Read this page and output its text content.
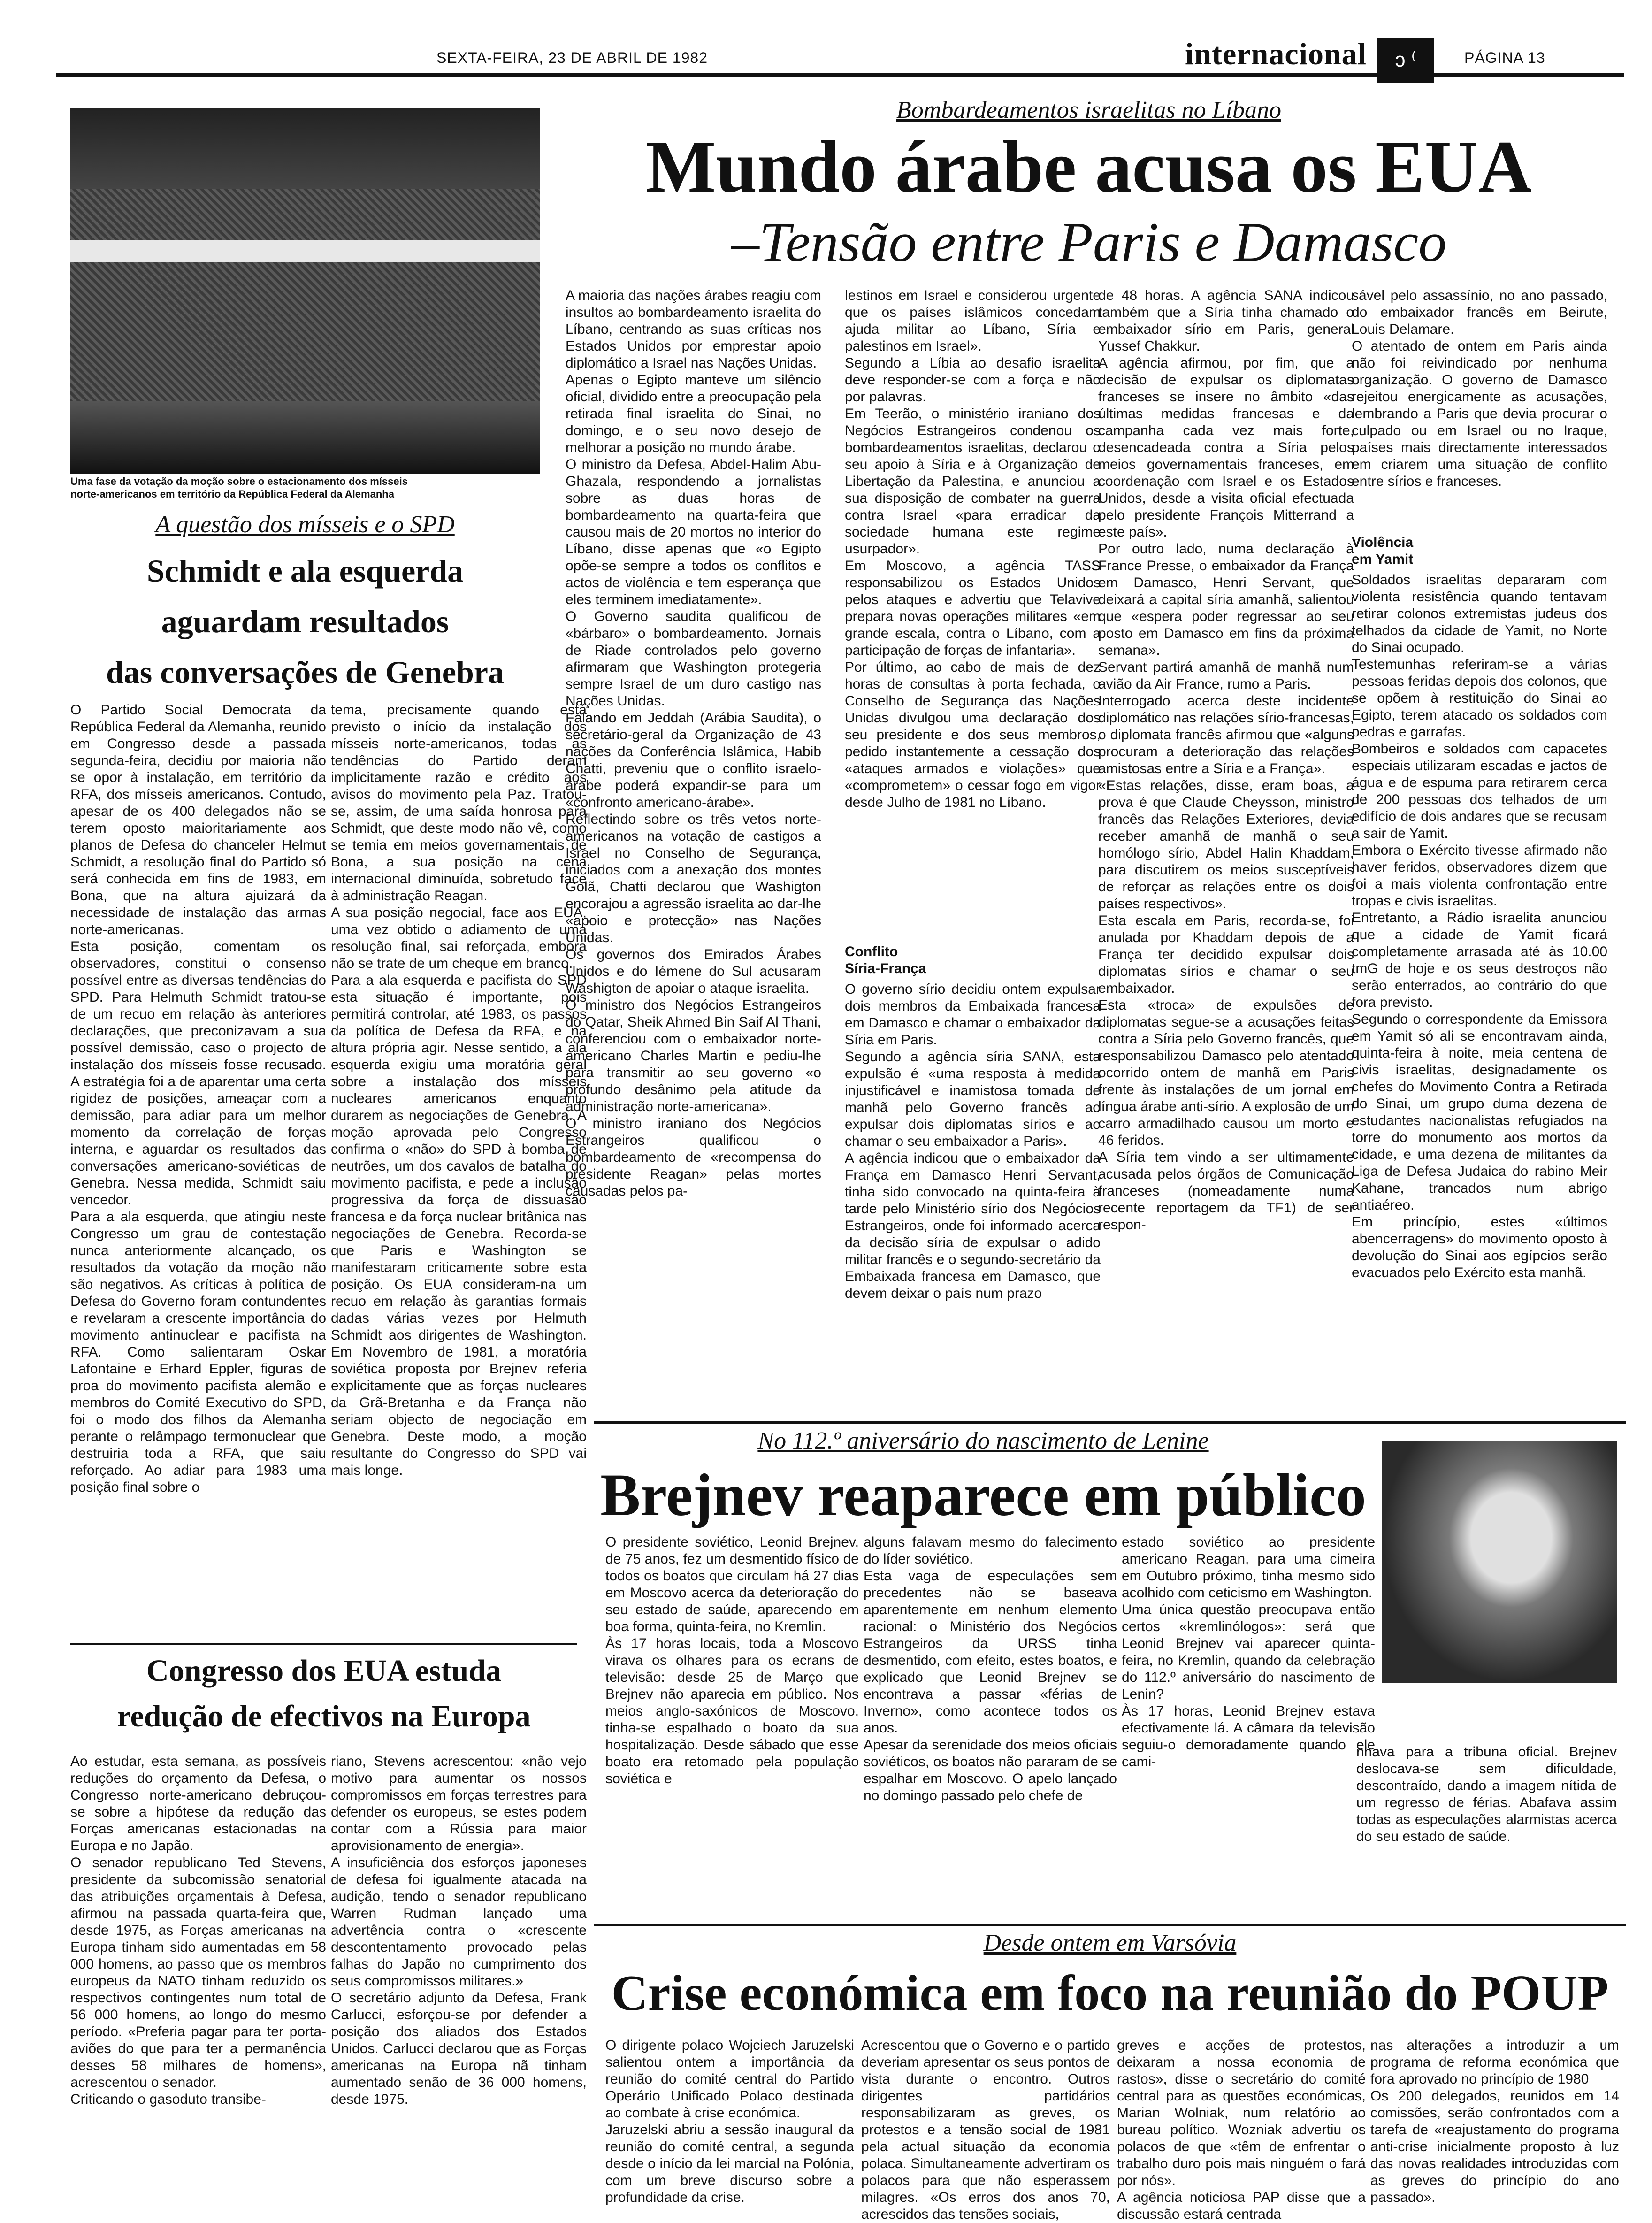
SEXTA-FEIRA, 23 DE ABRIL DE 1982	internacional	ɔ ⁽	PÁGINA 13
Uma fase da votação da moção sobre o estacionamento dos mísseis
norte-americanos em território da República Federal da Alemanha
Bombardeamentos israelitas no Líbano
Mundo árabe acusa os EUA
–Tensão entre Paris e Damasco
A maioria das nações árabes reagiu com insultos ao bombardeamento israelita do Líbano, centrando as suas críticas nos Estados Unidos por emprestar apoio diplomático a Israel nas Nações Unidas.
Apenas o Egipto manteve um silêncio oficial, dividido entre a preocupação pela retirada final israelita do Sinai, no domingo, e o seu novo desejo de melhorar a posição no mundo árabe.
O ministro da Defesa, Abdel-Halim Abu-Ghazala, respondendo a jornalistas sobre as duas horas de bombardeamento na quarta-feira que causou mais de 20 mortos no interior do Líbano, disse apenas que «o Egipto opõe-se sempre a todos os conflitos e actos de violência e tem esperança que eles terminem imediatamente».
O Governo saudita qualificou de «bárbaro» o bombardeamento. Jornais de Riade controlados pelo governo afirmaram que Washington protegeria sempre Israel de um duro castigo nas Nações Unidas.
Falando em Jeddah (Arábia Saudita), o secretário-geral da Organização de 43 nações da Conferência Islâmica, Habib Chatti, preveniu que o conflito israelo-árabe poderá expandir-se para um «confronto americano-árabe».
Reflectindo sobre os três vetos norte-americanos na votação de castigos a Israel no Conselho de Segurança, iniciados com a anexação dos montes Golã, Chatti declarou que Washigton encorajou a agressão israelita ao dar-lhe «apoio e protecção» nas Nações Unidas.
Os governos dos Emirados Árabes Unidos e do Iémene do Sul acusaram Washigton de apoiar o ataque israelita.
O ministro dos Negócios Estrangeiros do Qatar, Sheik Ahmed Bin Saif Al Thani, conferenciou com o embaixador norte-americano Charles Martin e pediu-lhe para transmitir ao seu governo «o profundo desânimo pela atitude da administração norte-americana».
O ministro iraniano dos Negócios Estrangeiros qualificou o bombardeamento de «recompensa do presidente Reagan» pelas mortes causadas pelos pa-
lestinos em Israel e considerou urgente que os países islâmicos concedam ajuda militar ao Líbano, Síria e palestinos em Israel».
Segundo a Líbia ao desafio israelita deve responder-se com a força e não por palavras.
Em Teerão, o ministério iraniano dos Negócios Estrangeiros condenou os bombardeamentos israelitas, declarou o seu apoio à Síria e à Organização de Libertação da Palestina, e anunciou a sua disposição de combater na guerra contra Israel «para erradicar da sociedade humana este regime usurpador».
Em Moscovo, a agência TASS responsabilizou os Estados Unidos pelos ataques e advertiu que Telavive prepara novas operações militares «em grande escala, contra o Líbano, com a participação de forças de infantaria».
Por último, ao cabo de mais de dez horas de consultas à porta fechada, o Conselho de Segurança das Nações Unidas divulgou uma declaração dos seu presidente e dos seus membros, pedido instantemente a cessação dos «ataques armados e violações» que «comprometem» o cessar fogo em vigor desde Julho de 1981 no Líbano.
Conflito
Síria-França
O governo sírio decidiu ontem expulsar dois membros da Embaixada francesa em Damasco e chamar o embaixador da Síria em Paris.
Segundo a agência síria SANA, esta expulsão é «uma resposta à medida injustificável e inamistosa tomada de manhã pelo Governo francês ao expulsar dois diplomatas sírios e ao chamar o seu embaixador a Paris».
A agência indicou que o embaixador da França em Damasco Henri Servant, tinha sido convocado na quinta-feira à tarde pelo Ministério sírio dos Negócios Estrangeiros, onde foi informado acerca da decisão síria de expulsar o adido militar francês e o segundo-secretário da Embaixada francesa em Damasco, que devem deixar o país num prazo
de 48 horas. A agência SANA indicou também que a Síria tinha chamado o embaixador sírio em Paris, general Yussef Chakkur.
A agência afirmou, por fim, que a decisão de expulsar os diplomatas franceses se insere no âmbito «das últimas medidas francesas e da campanha cada vez mais forte, desencadeada contra a Síria pelos meios governamentais franceses, em coordenação com Israel e os Estados Unidos, desde a visita oficial efectuada pelo presidente François Mitterrand a este país».
Por outro lado, numa declaração à France Presse, o embaixador da França em Damasco, Henri Servant, que deixará a capital síria amanhã, salientou que «espera poder regressar ao seu posto em Damasco em fins da próxima semana».
Servant partirá amanhã de manhã num avião da Air France, rumo a Paris.
Interrogado acerca deste incidente diplomático nas relações sírio-francesas, o diplomata francês afirmou que «alguns procuram a deterioração das relações amistosas entre a Síria e a França».
«Estas relações, disse, eram boas, a prova é que Claude Cheysson, ministro francês das Relações Exteriores, devia receber amanhã de manhã o seu homólogo sírio, Abdel Halin Khaddam, para discutirem os meios susceptíveis de reforçar as relações entre os dois países respectivos».
Esta escala em Paris, recorda-se, foi anulada por Khaddam depois de a França ter decidido expulsar dois diplomatas sírios e chamar o seu embaixador.
Esta «troca» de expulsões de diplomatas segue-se a acusações feitas contra a Síria pelo Governo francês, que responsabilizou Damasco pelo atentado ocorrido ontem de manhã em Paris frente às instalações de um jornal em língua árabe anti-sírio. A explosão de um carro armadilhado causou um morto e 46 feridos.
A Síria tem vindo a ser ultimamente acusada pelos órgãos de Comunicação franceses (nomeadamente numa recente reportagem da TF1) de ser respon-
sável pelo assassínio, no ano passado, do embaixador francês em Beirute, Louis Delamare.
O atentado de ontem em Paris ainda não foi reivindicado por nenhuma organização. O governo de Damasco rejeitou energicamente as acusações, lembrando a Paris que devia procurar o culpado ou em Israel ou no Iraque, países mais directamente interessados em criarem uma situação de conflito entre sírios e franceses.
Violência
em Yamit
Soldados israelitas depararam com violenta resistência quando tentavam retirar colonos extremistas judeus dos telhados da cidade de Yamit, no Norte do Sinai ocupado.
Testemunhas referiram-se a várias pessoas feridas depois dos colonos, que se opõem à restituição do Sinai ao Egipto, terem atacado os soldados com pedras e garrafas.
Bombeiros e soldados com capacetes especiais utilizaram escadas e jactos de água e de espuma para retirarem cerca de 200 pessoas dos telhados de um edifício de dois andares que se recusam a sair de Yamit.
Embora o Exército tivesse afirmado não haver feridos, observadores dizem que foi a mais violenta confrontação entre tropas e civis israelitas.
Entretanto, a Rádio israelita anunciou que a cidade de Yamit ficará completamente arrasada até às 10.00 tmG de hoje e os seus destroços não serão enterrados, ao contrário do que fora previsto.
Segundo o correspondente da Emissora em Yamit só ali se encontravam ainda, quinta-feira à noite, meia centena de civis israelitas, designadamente os chefes do Movimento Contra a Retirada do Sinai, um grupo duma dezena de estudantes nacionalistas refugiados na torre do monumento aos mortos da cidade, e uma dezena de militantes da Liga de Defesa Judaica do rabino Meir Kahane, trancados num abrigo antiaéreo.
Em princípio, estes «últimos abencerragens» do movimento oposto à devolução do Sinai aos egípcios serão evacuados pelo Exército esta manhã.
A questão dos mísseis e o SPD
Schmidt e ala esquerda
aguardam resultados
das conversações de Genebra
O Partido Social Democrata da República Federal da Alemanha, reunido em Congresso desde a passada segunda-feira, decidiu por maioria não se opor à instalação, em território da RFA, dos mísseis americanos. Contudo, apesar de os 400 delegados não se terem oposto maioritariamente aos planos de Defesa do chanceler Helmut Schmidt, a resolução final do Partido só será conhecida em fins de 1983, em Bona, que na altura ajuizará da necessidade de instalação das armas norte-americanas.
Esta posição, comentam os observadores, constitui o consenso possível entre as diversas tendências do SPD. Para Helmuth Schmidt tratou-se de um recuo em relação às anteriores declarações, que preconizavam a sua possível demissão, caso o projecto de instalação dos mísseis fosse recusado. A estratégia foi a de aparentar uma certa rigidez de posições, ameaçar com a demissão, para adiar para um melhor momento da correlação de forças interna, e aguardar os resultados das conversações americano-soviéticas de Genebra. Nessa medida, Schmidt saiu vencedor.
Para a ala esquerda, que atingiu neste Congresso um grau de contestação nunca anteriormente alcançado, os resultados da votação da moção não são negativos. As críticas à política de Defesa do Governo foram contundentes e revelaram a crescente importância do movimento antinuclear e pacifista na RFA. Como salientaram Oskar Lafontaine e Erhard Eppler, figuras de proa do movimento pacifista alemão e membros do Comité Executivo do SPD, foi o modo dos filhos da Alemanha perante o relâmpago termonuclear que destruiria toda a RFA, que saiu reforçado. Ao adiar para 1983 uma posição final sobre o
tema, precisamente quando está previsto o início da instalação dos mísseis norte-americanos, todas as tendências do Partido deram implicitamente razão e crédito aos avisos do movimento pela Paz. Tratou-se, assim, de uma saída honrosa para Schmidt, que deste modo não vê, como se temia em meios governamentais de Bona, a sua posição na cena internacional diminuída, sobretudo face à administração Reagan.
A sua posição negocial, face aos EUA, uma vez obtido o adiamento de uma resolução final, sai reforçada, embora não se trate de um cheque em branco.
Para a ala esquerda e pacifista do SPD esta situação é importante, pois permitirá controlar, até 1983, os passos da política de Defesa da RFA, e na altura própria agir. Nesse sentido, a ala esquerda exigiu uma moratória geral sobre a instalação dos mísseis nucleares americanos enquanto durarem as negociações de Genebra. A moção aprovada pelo Congresso confirma o «não» do SPD à bomba de neutrões, um dos cavalos de batalha do movimento pacifista, e pede a inclusão progressiva da força de dissuasão francesa e da força nuclear britânica nas negociações de Genebra. Recorda-se que Paris e Washington se manifestaram criticamente sobre esta posição. Os EUA consideram-na um recuo em relação às garantias formais dadas várias vezes por Helmuth Schmidt aos dirigentes de Washington. Em Novembro de 1981, a moratória soviética proposta por Brejnev referia explicitamente que as forças nucleares da Grã-Bretanha e da França não seriam objecto de negociação em Genebra. Deste modo, a moção resultante do Congresso do SPD vai mais longe.
Congresso dos EUA estuda
redução de efectivos na Europa
Ao estudar, esta semana, as possíveis reduções do orçamento da Defesa, o Congresso norte-americano debruçou-se sobre a hipótese da redução das Forças americanas estacionadas na Europa e no Japão.
O senador republicano Ted Stevens, presidente da subcomissão senatorial das atribuições orçamentais à Defesa, afirmou na passada quarta-feira que, desde 1975, as Forças americanas na Europa tinham sido aumentadas em 58 000 homens, ao passo que os membros europeus da NATO tinham reduzido os respectivos contingentes num total de 56 000 homens, ao longo do mesmo período. «Preferia pagar para ter porta-aviões do que para ter a permanência desses 58 milhares de homens», acrescentou o senador.
Criticando o gasoduto transibe-
riano, Stevens acrescentou: «não vejo motivo para aumentar os nossos compromissos em forças terrestres para defender os europeus, se estes podem contar com a Rússia para maior aprovisionamento de energia».
A insuficiência dos esforços japoneses de defesa foi igualmente atacada na audição, tendo o senador republicano Warren Rudman lançado uma advertência contra o «crescente descontentamento provocado pelas falhas do Japão no cumprimento dos seus compromissos militares.»
O secretário adjunto da Defesa, Frank Carlucci, esforçou-se por defender a posição dos aliados dos Estados Unidos. Carlucci declarou que as Forças americanas na Europa nã tinham aumentado senão de 36 000 homens, desde 1975.
No 112.º aniversário do nascimento de Lenine
Brejnev reaparece em público
O presidente soviético, Leonid Brejnev, de 75 anos, fez um desmentido físico de todos os boatos que circulam há 27 dias em Moscovo acerca da deterioração do seu estado de saúde, aparecendo em boa forma, quinta-feira, no Kremlin.
Às 17 horas locais, toda a Moscovo virava os olhares para os ecrans de televisão: desde 25 de Março que Brejnev não aparecia em público. Nos meios anglo-saxónicos de Moscovo, tinha-se espalhado o boato da sua hospitalização. Desde sábado que esse boato era retomado pela população soviética e
alguns falavam mesmo do falecimento do líder soviético.
Esta vaga de especulações sem precedentes não se baseava aparentemente em nenhum elemento racional: o Ministério dos Negócios Estrangeiros da URSS tinha desmentido, com efeito, estes boatos, e explicado que Leonid Brejnev se encontrava a passar «férias de Inverno», como acontece todos os anos.
Apesar da serenidade dos meios oficiais soviéticos, os boatos não pararam de se espalhar em Moscovo. O apelo lançado no domingo passado pelo chefe de
estado soviético ao presidente americano Reagan, para uma cimeira em Outubro próximo, tinha mesmo sido acolhido com ceticismo em Washington.
Uma única questão preocupava então certos «kremlinólogos»: será que Leonid Brejnev vai aparecer quinta-feira, no Kremlin, quando da celebração do 112.º aniversário do nascimento de Lenin?
Às 17 horas, Leonid Brejnev estava efectivamente lá. A câmara da televisão seguiu-o demoradamente quando ele cami-
nhava para a tribuna oficial. Brejnev deslocava-se sem dificuldade, descontraído, dando a imagem nítida de um regresso de férias. Abafava assim todas as especulações alarmistas acerca do seu estado de saúde.
Desde ontem em Varsóvia
Crise económica em foco na reunião do POUP
O dirigente polaco Wojciech Jaruzelski salientou ontem a importância da reunião do comité central do Partido Operário Unificado Polaco destinada ao combate à crise económica.
Jaruzelski abriu a sessão inaugural da reunião do comité central, a segunda desde o início da lei marcial na Polónia, com um breve discurso sobre a profundidade da crise.
Acrescentou que o Governo e o partido deveriam apresentar os seus pontos de vista durante o encontro. Outros dirigentes partidários responsabilizaram as greves, os protestos e a tensão social de 1981 pela actual situação da economia polaca. Simultaneamente advertiram os polacos para que não esperassem milagres. «Os erros dos anos 70, acrescidos das tensões sociais,
greves e acções de protestos, deixaram a nossa economia de rastos», disse o secretário do comité central para as questões económicas, Marian Wolniak, num relatório ao bureau político. Wozniak advertiu os polacos de que «têm de enfrentar o trabalho duro pois mais ninguém o fará por nós».
A agência noticiosa PAP disse que a discussão estará centrada
nas alterações a introduzir a um programa de reforma económica que fora aprovado no princípio de 1980
Os 200 delegados, reunidos em 14 comissões, serão confrontados com a tarefa de «reajustamento do programa anti-crise inicialmente proposto à luz das novas realidades introduzidas com as greves do princípio do ano passado».
